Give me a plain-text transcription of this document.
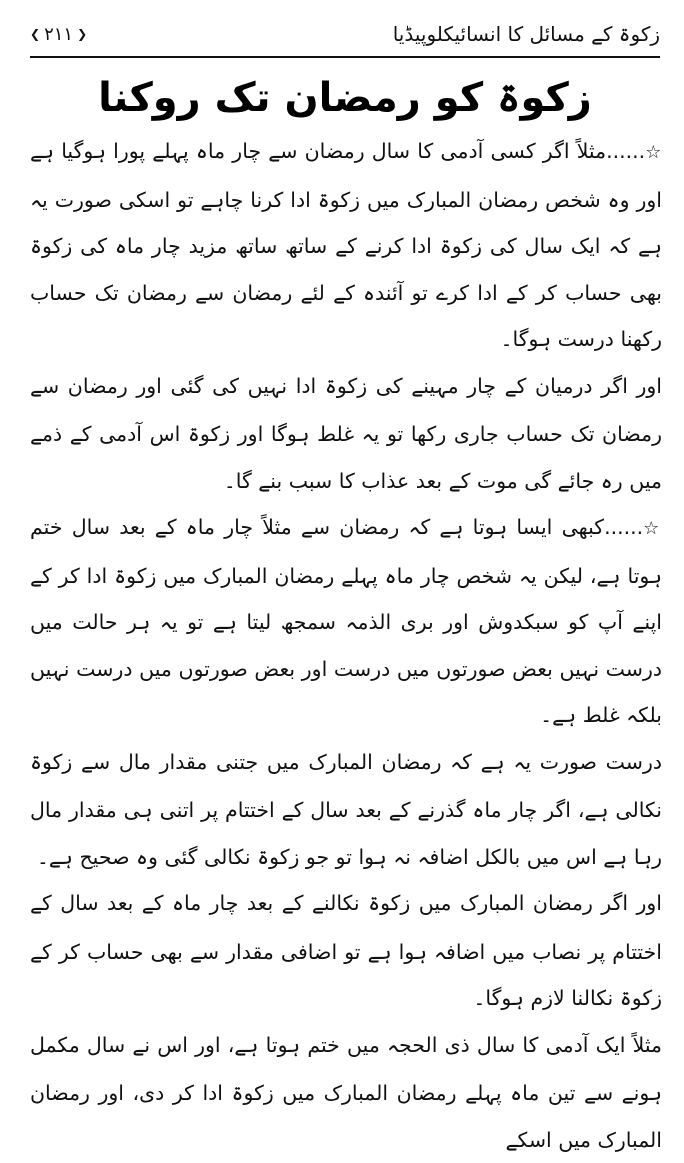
زکوۃ کے مسائل کا انسائیکلوپیڈیا
❮ ۲۱۱ ❯
زکوۃ کو رمضان تک روکنا

☆......مثلاً اگر کسی آدمی کا سال رمضان سے چار ماہ پہلے پورا ہوگیا ہے اور وہ شخص رمضان المبارک میں زکوۃ ادا کرنا چاہے تو اسکی صورت یہ ہے کہ ایک سال کی زکوۃ ادا کرنے کے ساتھ ساتھ مزید چار ماہ کی زکوۃ بھی حساب کر کے ادا کرے تو آئندہ کے لئے رمضان سے رمضان تک حساب رکھنا درست ہوگا۔

اور اگر درمیان کے چار مہینے کی زکوۃ ادا نہیں کی گئی اور رمضان سے رمضان تک حساب جاری رکھا تو یہ غلط ہوگا اور زکوۃ اس آدمی کے ذمے میں رہ جائے گی موت کے بعد عذاب کا سبب بنے گا۔

☆......کبھی ایسا ہوتا ہے کہ رمضان سے مثلاً چار ماہ کے بعد سال ختم ہوتا ہے، لیکن یہ شخص چار ماہ پہلے رمضان المبارک میں زکوۃ ادا کر کے اپنے آپ کو سبکدوش اور بری الذمہ سمجھ لیتا ہے تو یہ ہر حالت میں درست نہیں بعض صورتوں میں درست اور بعض صورتوں میں درست نہیں بلکہ غلط ہے۔

درست صورت یہ ہے کہ رمضان المبارک میں جتنی مقدار مال سے زکوۃ نکالی ہے، اگر چار ماہ گذرنے کے بعد سال کے اختتام پر اتنی ہی مقدار مال رہا ہے اس میں بالکل اضافہ نہ ہوا تو جو زکوۃ نکالی گئی وہ صحیح ہے۔

اور اگر رمضان المبارک میں زکوۃ نکالنے کے بعد چار ماہ کے بعد سال کے اختتام پر نصاب میں اضافہ ہوا ہے تو اضافی مقدار سے بھی حساب کر کے زکوۃ نکالنا لازم ہوگا۔

مثلاً ایک آدمی کا سال ذی الحجہ میں ختم ہوتا ہے، اور اس نے سال مکمل ہونے سے تین ماہ پہلے رمضان المبارک میں زکوۃ ادا کر دی، اور رمضان المبارک میں اسکے
